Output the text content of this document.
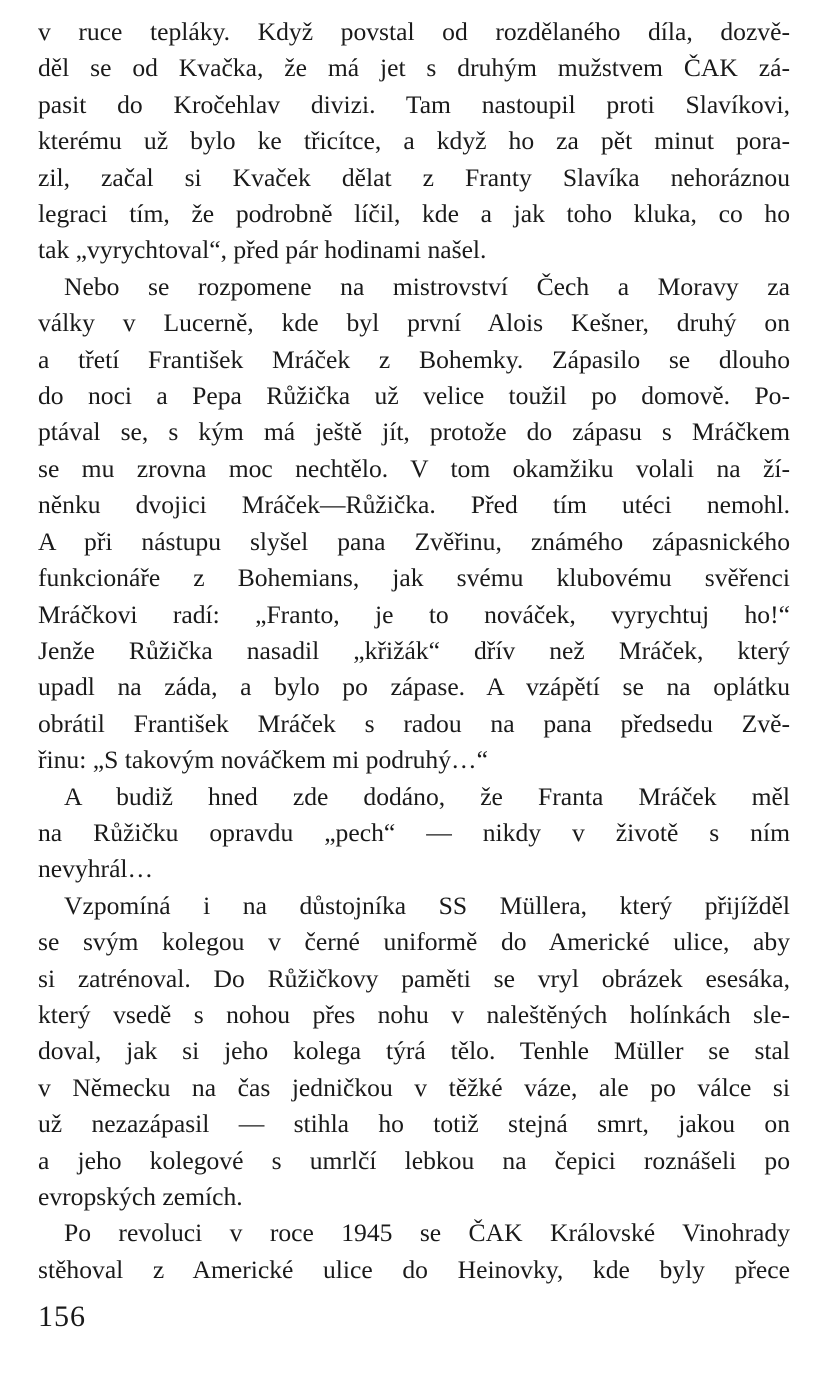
v ruce tepláky. Když povstal od rozdělaného díla, dozvě-
děl se od Kvačka, že má jet s druhým mužstvem ČAK zá-
pasit do Kročehlav divizi. Tam nastoupil proti Slavíkovi,
kterému už bylo ke třicítce, a když ho za pět minut pora-
zil, začal si Kvaček dělat z Franty Slavíka nehoráznou
legraci tím, že podrobně líčil, kde a jak toho kluka, co ho
tak „vyrychtoval“, před pár hodinami našel.
Nebo se rozpomene na mistrovství Čech a Moravy za
války v Lucerně, kde byl první Alois Kešner, druhý on
a třetí František Mráček z Bohemky. Zápasilo se dlouho
do noci a Pepa Růžička už velice toužil po domově. Po-
ptával se, s kým má ještě jít, protože do zápasu s Mráčkem
se mu zrovna moc nechtělo. V tom okamžiku volali na ží-
něnku dvojici Mráček—Růžička. Před tím utéci nemohl.
A při nástupu slyšel pana Zvěřinu, známého zápasnického
funkcionáře z Bohemians, jak svému klubovému svěřenci
Mráčkovi radí: „Franto, je to nováček, vyrychtuj ho!“
Jenže Růžička nasadil „křižák“ dřív než Mráček, který
upadl na záda, a bylo po zápase. A vzápětí se na oplátku
obrátil František Mráček s radou na pana předsedu Zvě-
řinu: „S takovým nováčkem mi podruhý…“
A budiž hned zde dodáno, že Franta Mráček měl
na Růžičku opravdu „pech“ — nikdy v životě s ním
nevyhrál…
Vzpomíná i na důstojníka SS Müllera, který přijížděl
se svým kolegou v černé uniformě do Americké ulice, aby
si zatrénoval. Do Růžičkovy paměti se vryl obrázek esesáka,
který vsedě s nohou přes nohu v naleštěných holínkách sle-
doval, jak si jeho kolega týrá tělo. Tenhle Müller se stal
v Německu na čas jedničkou v těžké váze, ale po válce si
už nezazápasil — stihla ho totiž stejná smrt, jakou on
a jeho kolegové s umrlčí lebkou na čepici roznášeli po
evropských zemích.
Po revoluci v roce 1945 se ČAK Královské Vinohrady
stěhoval z Americké ulice do Heinovky, kde byly přece
156
